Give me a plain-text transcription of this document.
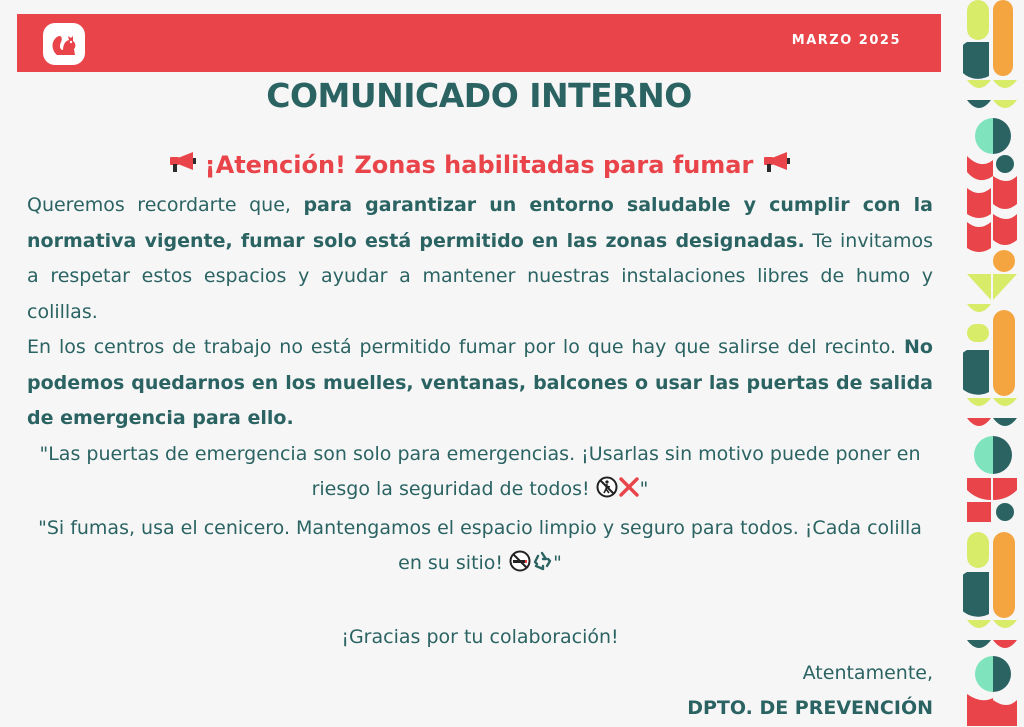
MARZO 2025
COMUNICADO INTERNO
¡Atención! Zonas habilitadas para fumar

Queremos recordarte que, para garantizar un entorno saludable y cumplir con la normativa vigente, fumar solo está permitido en las zonas designadas. Te invitamos a respetar estos espacios y ayudar a mantener nuestras instalaciones libres de humo y colillas.

En los centros de trabajo no está permitido fumar por lo que hay que salirse del recinto. No podemos quedarnos en los muelles, ventanas, balcones o usar las puertas de salida de emergencia para ello.

"Las puertas de emergencia son solo para emergencias. ¡Usarlas sin motivo puede poner en riesgo la seguridad de todos!	"

"Si fumas, usa el cenicero. Mantengamos el espacio limpio y seguro para todos. ¡Cada colilla en su sitio!	"

¡Gracias por tu colaboración!

Atentamente,

DPTO. DE PREVENCIÓN
